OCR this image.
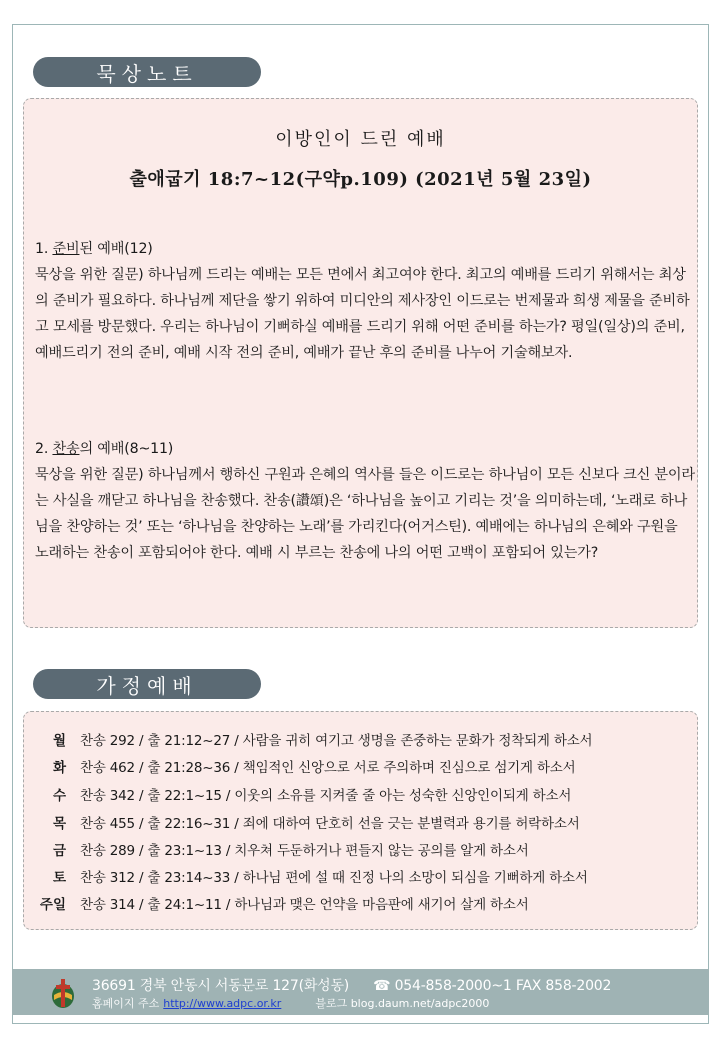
묵상노트
이방인이 드린 예배
출애굽기 18:7~12(구약p.109) (2021년 5월 23일)
1. 준비된 예배(12)
묵상을 위한 질문) 하나님께 드리는 예배는 모든 면에서 최고여야 한다. 최고의 예배를 드리기 위해서는 최상의 준비가 필요하다. 하나님께 제단을 쌓기 위하여 미디안의 제사장인 이드로는 번제물과 희생 제물을 준비하고 모세를 방문했다. 우리는 하나님이 기뻐하실 예배를 드리기 위해 어떤 준비를 하는가? 평일(일상)의 준비, 예배드리기 전의 준비, 예배 시작 전의 준비, 예배가 끝난 후의 준비를 나누어 기술해보자.
2. 찬송의 예배(8~11)
묵상을 위한 질문) 하나님께서 행하신 구원과 은혜의 역사를 들은 이드로는 하나님이 모든 신보다 크신 분이라는 사실을 깨닫고 하나님을 찬송했다. 찬송(讚頌)은 ‘하나님을 높이고 기리는 것’을 의미하는데, ‘노래로 하나님을 찬양하는 것’ 또는 ‘하나님을 찬양하는 노래’를 가리킨다(어거스틴). 예배에는 하나님의 은혜와 구원을 노래하는 찬송이 포함되어야 한다. 예배 시 부르는 찬송에 나의 어떤 고백이 포함되어 있는가?
가정예배
월	찬송 292 / 출 21:12~27 / 사람을 귀히 여기고 생명을 존중하는 문화가 정착되게 하소서
화	찬송 462 / 출 21:28~36 / 책임적인 신앙으로 서로 주의하며 진심으로 섬기게 하소서
수	찬송 342 / 출 22:1~15 / 이웃의 소유를 지켜줄 줄 아는 성숙한 신앙인이되게 하소서
목	찬송 455 / 출 22:16~31 / 죄에 대하여 단호히 선을 긋는 분별력과 용기를 허락하소서
금	찬송 289 / 출 23:1~13 / 치우쳐 두둔하거나 편들지 않는 공의를 알게 하소서
토	찬송 312 / 출 23:14~33 / 하나님 편에 설 때 진정 나의 소망이 되심을 기뻐하게 하소서
주일	찬송 314 / 출 24:1~11 / 하나님과 맺은 언약을 마음판에 새기어 살게 하소서
36691 경북 안동시 서동문로 127(화성동) ☎ 054-858-2000~1 FAX 858-2002
홈페이지 주소 http://www.adpc.or.kr	블로그 blog.daum.net/adpc2000
